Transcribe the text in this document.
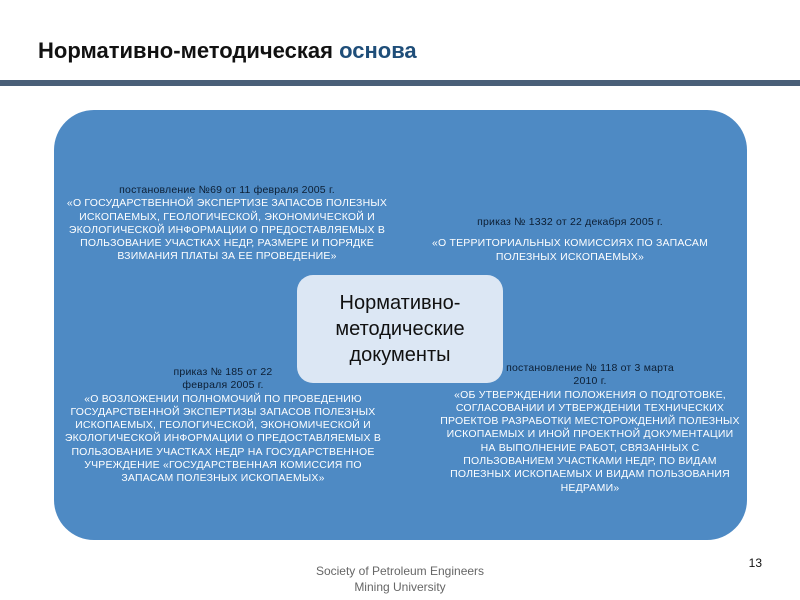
Нормативно-методическая основа
постановление №69 от 11 февраля 2005 г.
«О ГОСУДАРСТВЕННОЙ ЭКСПЕРТИЗЕ ЗАПАСОВ ПОЛЕЗНЫХ ИСКОПАЕМЫХ, ГЕОЛОГИЧЕСКОЙ, ЭКОНОМИЧЕСКОЙ И ЭКОЛОГИЧЕСКОЙ ИНФОРМАЦИИ О ПРЕДОСТАВЛЯЕМЫХ В ПОЛЬЗОВАНИЕ УЧАСТКАХ НЕДР, РАЗМЕРЕ И ПОРЯДКЕ ВЗИМАНИЯ ПЛАТЫ ЗА ЕЕ ПРОВЕДЕНИЕ»
приказ № 1332 от 22 декабря 2005 г.
«О ТЕРРИТОРИАЛЬНЫХ КОМИССИЯХ ПО ЗАПАСАМ ПОЛЕЗНЫХ ИСКОПАЕМЫХ»
приказ № 185 от 22 февраля 2005 г.
«О ВОЗЛОЖЕНИИ ПОЛНОМОЧИЙ ПО ПРОВЕДЕНИЮ ГОСУДАРСТВЕННОЙ ЭКСПЕРТИЗЫ ЗАПАСОВ ПОЛЕЗНЫХ ИСКОПАЕМЫХ, ГЕОЛОГИЧЕСКОЙ, ЭКОНОМИЧЕСКОЙ И ЭКОЛОГИЧЕСКОЙ ИНФОРМАЦИИ О ПРЕДОСТАВЛЯЕМЫХ В ПОЛЬЗОВАНИЕ УЧАСТКАХ НЕДР НА ГОСУДАРСТВЕННОЕ УЧРЕЖДЕНИЕ «ГОСУДАРСТВЕННАЯ КОМИССИЯ ПО ЗАПАСАМ ПОЛЕЗНЫХ ИСКОПАЕМЫХ»
постановление № 118 от 3 марта 2010 г.
«ОБ УТВЕРЖДЕНИИ ПОЛОЖЕНИЯ О ПОДГОТОВКЕ, СОГЛАСОВАНИИ И УТВЕРЖДЕНИИ ТЕХНИЧЕСКИХ ПРОЕКТОВ РАЗРАБОТКИ МЕСТОРОЖДЕНИЙ ПОЛЕЗНЫХ ИСКОПАЕМЫХ И ИНОЙ ПРОЕКТНОЙ ДОКУМЕНТАЦИИ НА ВЫПОЛНЕНИЕ РАБОТ, СВЯЗАННЫХ С ПОЛЬЗОВАНИЕМ УЧАСТКАМИ НЕДР, ПО ВИДАМ ПОЛЕЗНЫХ ИСКОПАЕМЫХ И ВИДАМ ПОЛЬЗОВАНИЯ НЕДРАМИ»
Нормативно-методические документы
Society of Petroleum Engineers
Mining University
13
